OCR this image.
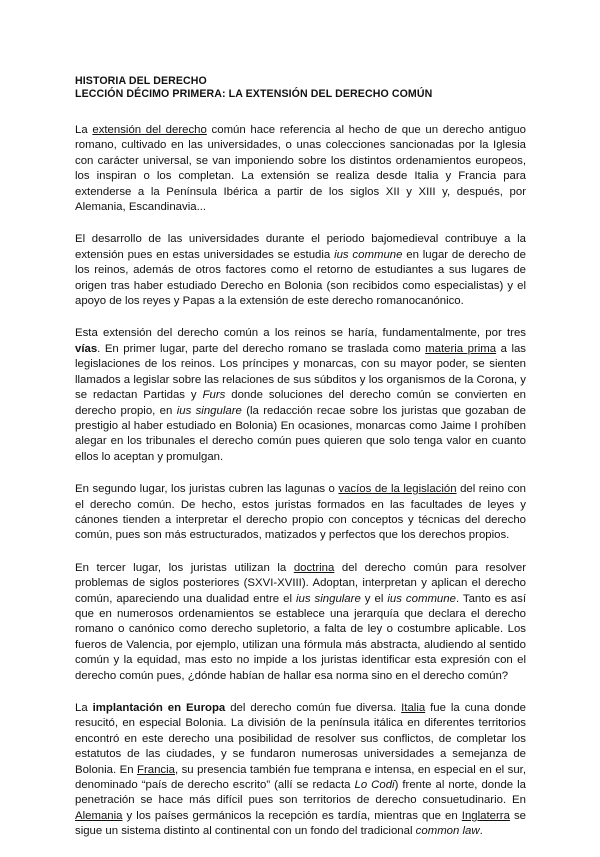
HISTORIA DEL DERECHO
LECCIÓN DÉCIMO PRIMERA: LA EXTENSIÓN DEL DERECHO COMÚN

La extensión del derecho común hace referencia al hecho de que un derecho antiguo romano, cultivado en las universidades, o unas colecciones sancionadas por la Iglesia con carácter universal, se van imponiendo sobre los distintos ordenamientos europeos, los inspiran o los completan. La extensión se realiza desde Italia y Francia para extenderse a la Península Ibérica a partir de los siglos XII y XIII y, después, por Alemania, Escandinavia...

El desarrollo de las universidades durante el periodo bajomedieval contribuye a la extensión pues en estas universidades se estudia ius commune en lugar de derecho de los reinos, además de otros factores como el retorno de estudiantes a sus lugares de origen tras haber estudiado Derecho en Bolonia (son recibidos como especialistas) y el apoyo de los reyes y Papas a la extensión de este derecho romanocanónico.

Esta extensión del derecho común a los reinos se haría, fundamentalmente, por tres vías. En primer lugar, parte del derecho romano se traslada como materia prima a las legislaciones de los reinos. Los príncipes y monarcas, con su mayor poder, se sienten llamados a legislar sobre las relaciones de sus súbditos y los organismos de la Corona, y se redactan Partidas y Furs donde soluciones del derecho común se convierten en derecho propio, en ius singulare (la redacción recae sobre los juristas que gozaban de prestigio al haber estudiado en Bolonia) En ocasiones, monarcas como Jaime I prohíben alegar en los tribunales el derecho común pues quieren que solo tenga valor en cuanto ellos lo aceptan y promulgan.

En segundo lugar, los juristas cubren las lagunas o vacíos de la legislación del reino con el derecho común. De hecho, estos juristas formados en las facultades de leyes y cánones tienden a interpretar el derecho propio con conceptos y técnicas del derecho común, pues son más estructurados, matizados y perfectos que los derechos propios.

En tercer lugar, los juristas utilizan la doctrina del derecho común para resolver problemas de siglos posteriores (SXVI-XVIII). Adoptan, interpretan y aplican el derecho común, apareciendo una dualidad entre el ius singulare y el ius commune. Tanto es así que en numerosos ordenamientos se establece una jerarquía que declara el derecho romano o canónico como derecho supletorio, a falta de ley o costumbre aplicable. Los fueros de Valencia, por ejemplo, utilizan una fórmula más abstracta, aludiendo al sentido común y la equidad, mas esto no impide a los juristas identificar esta expresión con el derecho común pues, ¿dónde habían de hallar esa norma sino en el derecho común?

La implantación en Europa del derecho común fue diversa. Italia fue la cuna donde resucitó, en especial Bolonia. La división de la península itálica en diferentes territorios encontró en este derecho una posibilidad de resolver sus conflictos, de completar los estatutos de las ciudades, y se fundaron numerosas universidades a semejanza de Bolonia. En Francia, su presencia también fue temprana e intensa, en especial en el sur, denominado “país de derecho escrito” (allí se redacta Lo Codi) frente al norte, donde la penetración se hace más difícil pues son territorios de derecho consuetudinario. En Alemania y los países germánicos la recepción es tardía, mientras que en Inglaterra se sigue un sistema distinto al continental con un fondo del tradicional common law.
